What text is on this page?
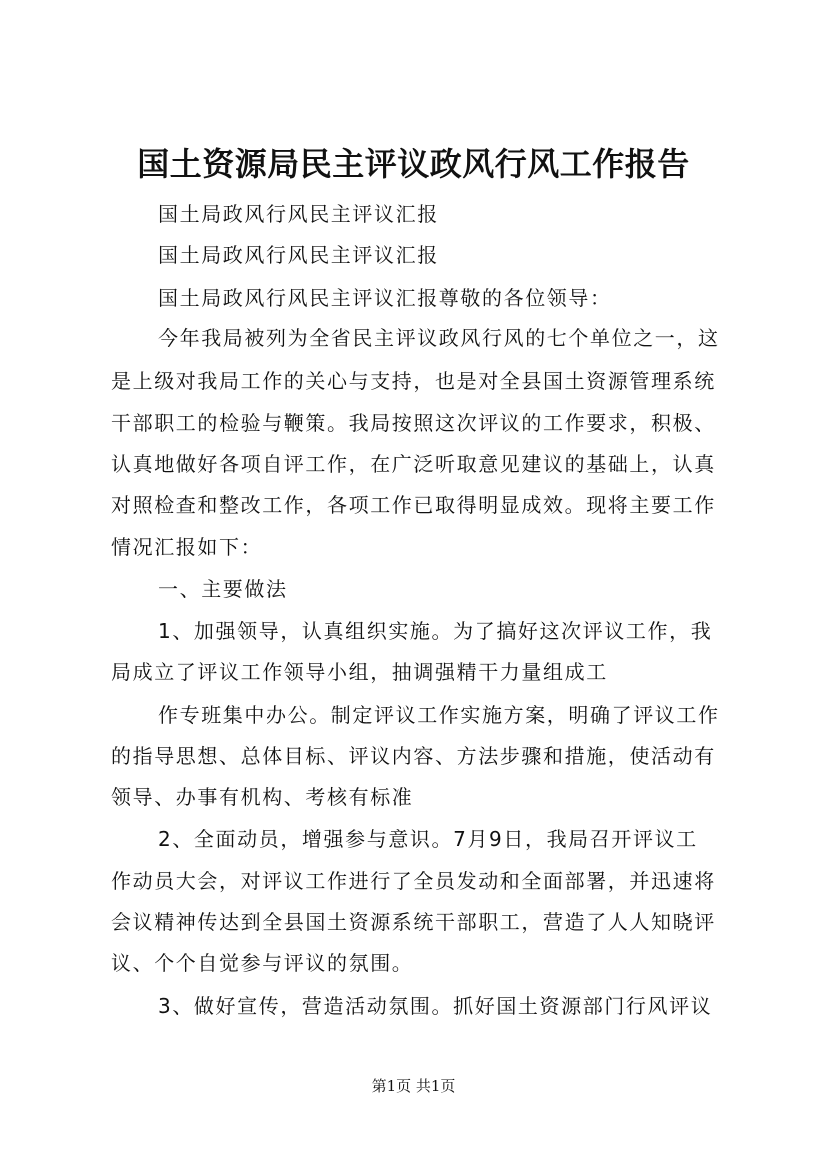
国土资源局民主评议政风行风工作报告
国土局政风行风民主评议汇报
国土局政风行风民主评议汇报
国土局政风行风民主评议汇报尊敬的各位领导：
今年我局被列为全省民主评议政风行风的七个单位之一，这
是上级对我局工作的关心与支持，也是对全县国土资源管理系统
干部职工的检验与鞭策。我局按照这次评议的工作要求，积极、
认真地做好各项自评工作，在广泛听取意见建议的基础上，认真
对照检查和整改工作，各项工作已取得明显成效。现将主要工作
情况汇报如下：
一、主要做法
1、加强领导，认真组织实施。为了搞好这次评议工作，我
局成立了评议工作领导小组，抽调强精干力量组成工
作专班集中办公。制定评议工作实施方案，明确了评议工作
的指导思想、总体目标、评议内容、方法步骤和措施，使活动有
领导、办事有机构、考核有标准
2、全面动员，增强参与意识。7月9日，我局召开评议工
作动员大会，对评议工作进行了全员发动和全面部署，并迅速将
会议精神传达到全县国土资源系统干部职工，营造了人人知晓评
议、个个自觉参与评议的氛围。
3、做好宣传，营造活动氛围。抓好国土资源部门行风评议
第1页 共1页
